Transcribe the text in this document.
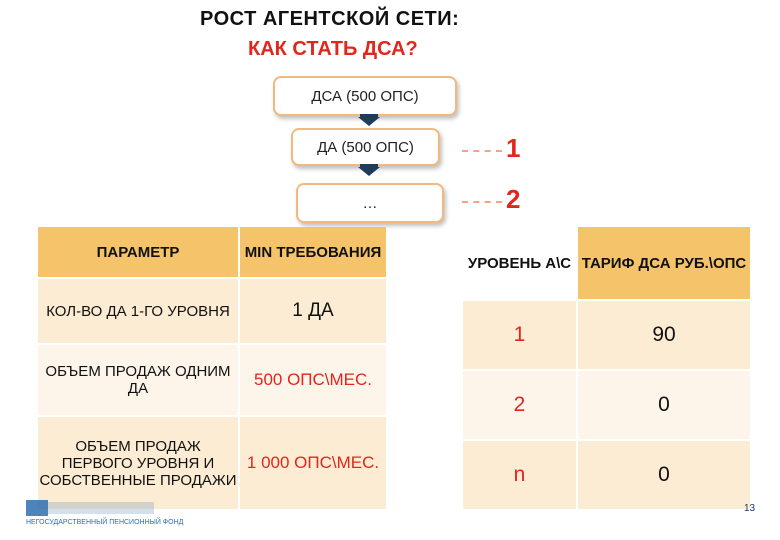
РОСТ АГЕНТСКОЙ СЕТИ:
КАК СТАТЬ ДСА?
ДСА (500 ОПС)
ДА (500 ОПС)
…
1
2
ПАРАМЕТР	MIN ТРЕБОВАНИЯ
КОЛ-ВО ДА 1-ГО УРОВНЯ	1 ДА
ОБЪЕМ ПРОДАЖ ОДНИМ ДА	500 ОПС\МЕС.
ОБЪЕМ ПРОДАЖ ПЕРВОГО УРОВНЯ И СОБСТВЕННЫЕ ПРОДАЖИ	1 000 ОПС\МЕС.
УРОВЕНЬ А\С	ТАРИФ ДСА РУБ.\ОПС
1	90
2	0
n	0
НЕГОСУДАРСТВЕННЫЙ ПЕНСИОННЫЙ ФОНД
13
